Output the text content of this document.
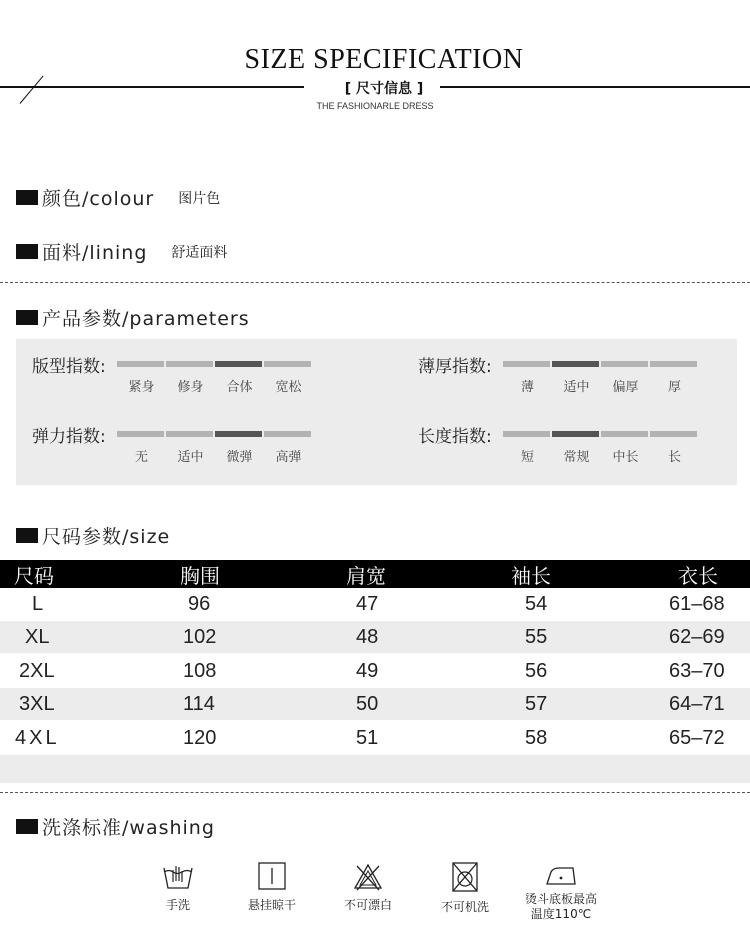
SIZE SPECIFICATION
[ 尺寸信息 ]
THE FASHIONARLE DRESS
颜色/colour 图片色
面料/lining 舒适面料
产品参数/parameters
版型指数:
紧身	修身	合体	宽松
薄厚指数:
薄	适中	偏厚	厚
弹力指数:
无	适中	微弹	高弹
长度指数:
短	常规	中长	长
尺码参数/size
尺码	胸围	肩宽	袖长	衣长
L	96	47	54	61–68
XL	102	48	55	62–69
2XL	108	49	56	63–70
3XL	114	50	57	64–71
4XL	120	51	58	65–72
洗涤标准/washing
手洗	悬挂晾干	不可漂白	不可机洗
烫斗底板最高
温度110℃
